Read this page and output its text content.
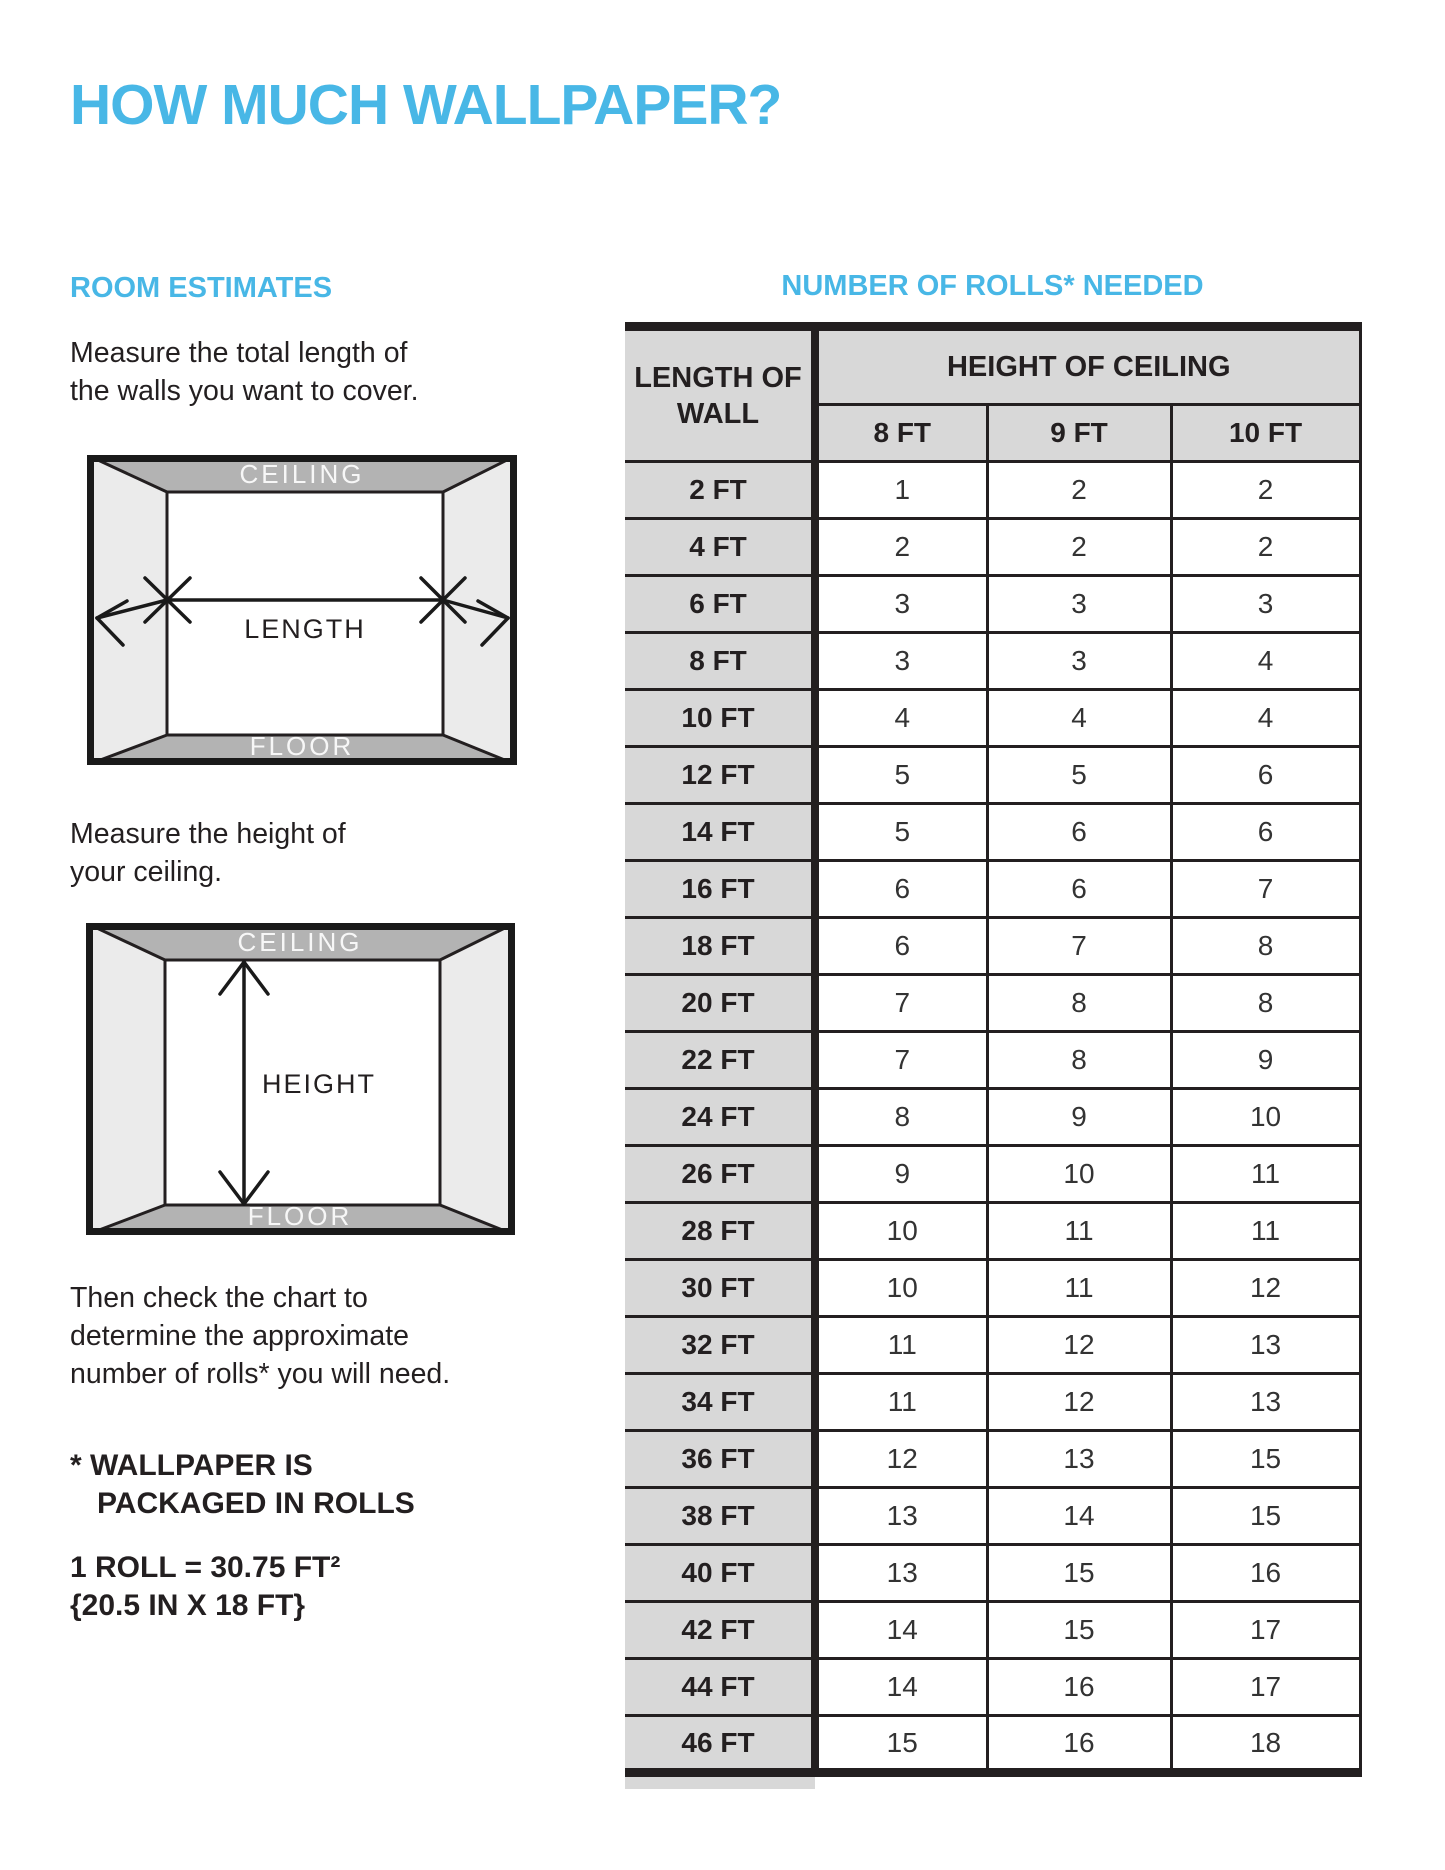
HOW MUCH WALLPAPER?
ROOM ESTIMATES	NUMBER OF ROLLS* NEEDED
Measure the total length of
the walls you want to cover.
CEILING
FLOOR
LENGTH
Measure the height of
your ceiling.
CEILING
FLOOR
HEIGHT
Then check the chart to
determine the approximate
number of rolls* you will need.
* WALLPAPER IS
PACKAGED IN ROLLS
1 ROLL = 30.75 FT²
{20.5 IN X 18 FT}
LENGTH OF WALL	HEIGHT OF CEILING		
	8 FT	9 FT	10 FT
2 FT	1	2	2
4 FT	2	2	2
6 FT	3	3	3
8 FT	3	3	4
10 FT	4	4	4
12 FT	5	5	6
14 FT	5	6	6
16 FT	6	6	7
18 FT	6	7	8
20 FT	7	8	8
22 FT	7	8	9
24 FT	8	9	10
26 FT	9	10	11
28 FT	10	11	11
30 FT	10	11	12
32 FT	11	12	13
34 FT	11	12	13
36 FT	12	13	15
38 FT	13	14	15
40 FT	13	15	16
42 FT	14	15	17
44 FT	14	16	17
46 FT	15	16	18
